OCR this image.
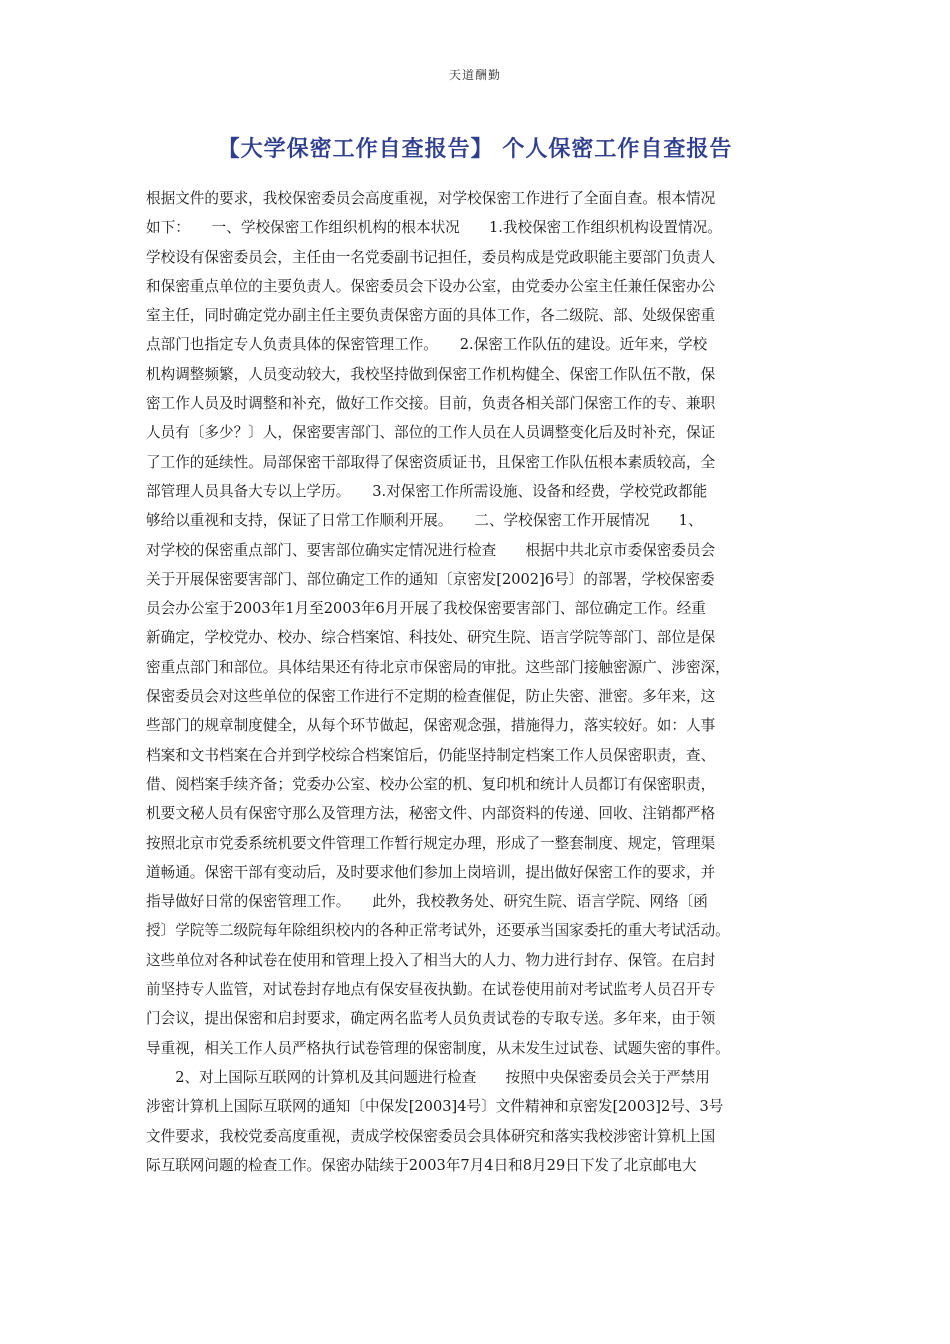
天道酬勤
【大学保密工作自查报告】 个人保密工作自查报告
根据文件的要求，我校保密委员会高度重视，对学校保密工作进行了全面自查。根本情况
如下：　　一、学校保密工作组织机构的根本状况　　1.我校保密工作组织机构设置情况。
学校设有保密委员会，主任由一名党委副书记担任，委员构成是党政职能主要部门负责人
和保密重点单位的主要负责人。保密委员会下设办公室，由党委办公室主任兼任保密办公
室主任，同时确定党办副主任主要负责保密方面的具体工作，各二级院、部、处级保密重
点部门也指定专人负责具体的保密管理工作。　　2.保密工作队伍的建设。近年来，学校
机构调整频繁，人员变动较大，我校坚持做到保密工作机构健全、保密工作队伍不散，保
密工作人员及时调整和补充，做好工作交接。目前，负责各相关部门保密工作的专、兼职
人员有〔多少？〕人，保密要害部门、部位的工作人员在人员调整变化后及时补充，保证
了工作的延续性。局部保密干部取得了保密资质证书，且保密工作队伍根本素质较高，全
部管理人员具备大专以上学历。　　3.对保密工作所需设施、设备和经费，学校党政都能
够给以重视和支持，保证了日常工作顺利开展。　　二、学校保密工作开展情况　　1、
对学校的保密重点部门、要害部位确实定情况进行检查　　根据中共北京市委保密委员会
关于开展保密要害部门、部位确定工作的通知〔京密发[2002]6号〕的部署，学校保密委
员会办公室于2003年1月至2003年6月开展了我校保密要害部门、部位确定工作。经重
新确定，学校党办、校办、综合档案馆、科技处、研究生院、语言学院等部门、部位是保
密重点部门和部位。具体结果还有待北京市保密局的审批。这些部门接触密源广、涉密深，
保密委员会对这些单位的保密工作进行不定期的检查催促，防止失密、泄密。多年来，这
些部门的规章制度健全，从每个环节做起，保密观念强，措施得力，落实较好。如：人事
档案和文书档案在合并到学校综合档案馆后，仍能坚持制定档案工作人员保密职责，查、
借、阅档案手续齐备；党委办公室、校办公室的机、复印机和统计人员都订有保密职责，
机要文秘人员有保密守那么及管理方法，秘密文件、内部资料的传递、回收、注销都严格
按照北京市党委系统机要文件管理工作暂行规定办理，形成了一整套制度、规定，管理渠
道畅通。保密干部有变动后，及时要求他们参加上岗培训，提出做好保密工作的要求，并
指导做好日常的保密管理工作。　　此外，我校教务处、研究生院、语言学院、网络〔函
授〕学院等二级院每年除组织校内的各种正常考试外，还要承当国家委托的重大考试活动。
这些单位对各种试卷在使用和管理上投入了相当大的人力、物力进行封存、保管。在启封
前坚持专人监管，对试卷封存地点有保安昼夜执勤。在试卷使用前对考试监考人员召开专
门会议，提出保密和启封要求，确定两名监考人员负责试卷的专取专送。多年来，由于领
导重视，相关工作人员严格执行试卷管理的保密制度，从未发生过试卷、试题失密的事件。
　　2、对上国际互联网的计算机及其问题进行检查　　按照中央保密委员会关于严禁用
涉密计算机上国际互联网的通知〔中保发[2003]4号〕文件精神和京密发[2003]2号、3号
文件要求，我校党委高度重视，责成学校保密委员会具体研究和落实我校涉密计算机上国
际互联网问题的检查工作。保密办陆续于2003年7月4日和8月29日下发了北京邮电大
